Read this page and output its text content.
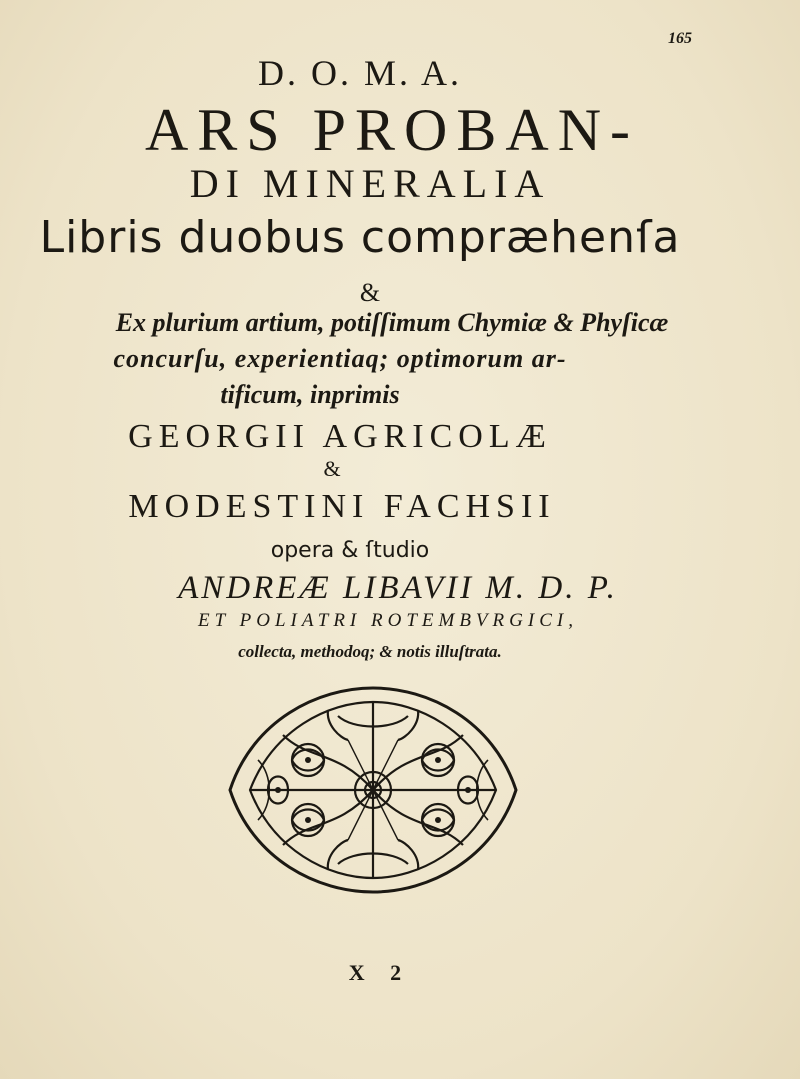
165
D. O. M. A.
ARS PROBAN-
DI MINERALIA
Libris duobus compræhenſa
&
Ex plurium artium, potiſſimum Chymiæ & Phyſicæ
concurſu, experientiaq; optimorum ar-
tificum, inprimis
GEORGII AGRICOLÆ
&
MODESTINI FACHSII
opera & ſtudio
ANDREÆ LIBAVII M. D. P.
ET POLIATRI ROTEMBVRGICI,
collecta, methodoq; & notis illuſtrata.
X 2
